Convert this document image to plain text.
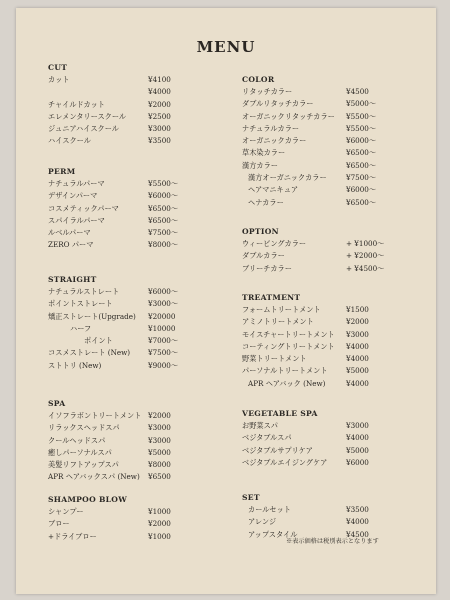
MENU
CUT
カット	¥4100
¥4000
チャイルドカット	¥2000
エレメンタリースクール	¥2500
ジュニアハイスクール	¥3000
ハイスクール	¥3500
PERM
ナチュラルパーマ	¥5500〜
デザインパーマ	¥6000〜
コスメティックパーマ	¥6500〜
スパイラルパーマ	¥6500〜
ルベルパーマ	¥7500〜
ZERO パーマ	¥8000〜
STRAIGHT
ナチュラルストレート	¥6000〜
ポイントストレート	¥3000〜
矯正ストレート(Upgrade) ¥20000
ハーフ	¥10000
ポイント	¥7000〜
コスメストレート (New) ¥7500〜
ストトリ (New)	¥9000〜
SPA
イソフラボントリートメント ¥2000
リラックスヘッドスパ	¥3000
クールヘッドスパ	¥3000
癒しパーソナルスパ	¥5000
美髪リフトアップスパ	¥8000
APR ヘアバックスパ (New) ¥6500
SHAMPOO BLOW
シャンプー	¥1000
ブロー	¥2000
+ドライブロー	¥1000
COLOR
リタッチカラー	¥4500
ダブルリタッチカラー	¥5000〜
オーガニックリタッチカラー ¥5500〜
ナチュラルカラー	¥5500〜
オーガニックカラー	¥6000〜
草木染カラー	¥6500〜
漢方カラー	¥6500〜
漢方オーガニックカラー	¥7500〜
ヘアマニキュア	¥6000〜
ヘナカラー	¥6500〜
OPTION
ウィービングカラー	+ ¥1000〜
ダブルカラー	+ ¥2000〜
ブリーチカラー	+ ¥4500〜
TREATMENT
フォームトリートメント	¥1500
アミノトリートメント	¥2000
モイスチャートリートメント ¥3000
コーティングトリートメント ¥4000
野菜トリートメント	¥4000
パーソナルトリートメント	¥5000
APR ヘアバック (New)	¥4000
VEGETABLE SPA
お野菜スパ	¥3000
ベジタブルスパ	¥4000
ベジタブルサプリケア	¥5000
ベジタブルエイジングケア	¥6000
SET
カールセット	¥3500
アレンジ	¥4000
アップスタイル	¥4500
※表示価格は税別表示となります
